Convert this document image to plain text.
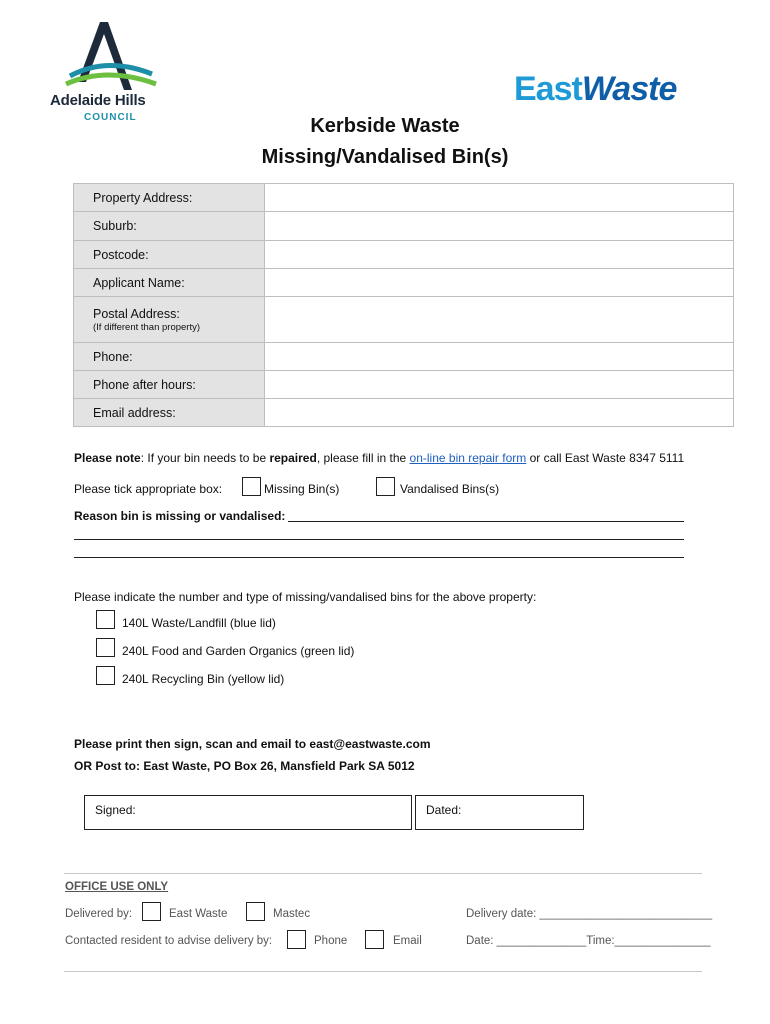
Adelaide Hills
COUNCIL
EastWaste
Kerbside Waste
Missing/Vandalised Bin(s)
Property Address:	
Suburb:	
Postcode:	
Applicant Name:	
Postal Address:
(If different than property)	

Phone:	
Phone after hours:	
Email address:	
Please note: If your bin needs to be repaired, please fill in the on-line bin repair form or call East Waste 8347 5111
Please tick appropriate box:	Missing Bin(s)	Vandalised Bins(s)
Reason bin is missing or vandalised:
Please indicate the number and type of missing/vandalised bins for the above property:
140L Waste/Landfill (blue lid)
240L Food and Garden Organics (green lid)
240L Recycling Bin (yellow lid)
Please print then sign, scan and email to east@eastwaste.com
OR Post to: East Waste, PO Box 26, Mansfield Park SA 5012
Signed:	Dated:
OFFICE USE ONLY
Delivered by:	East Waste	Mastec	Delivery date: ___________________________
Contacted resident to advise delivery by:	Phone	Email	Date: ______________Time:_______________
